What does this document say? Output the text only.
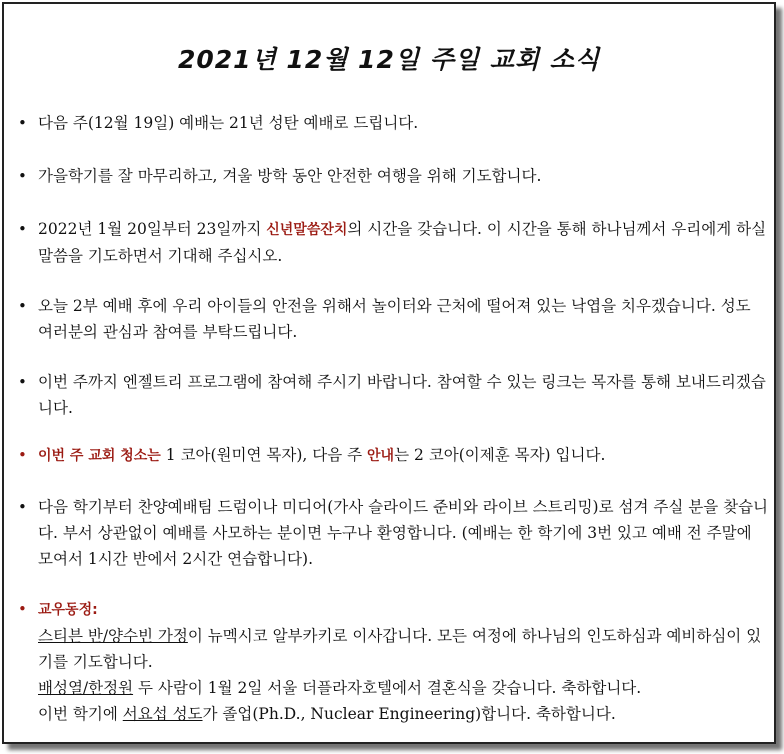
2021년 12월 12일 주일 교회 소식
• 다음 주(12월 19일) 예배는 21년 성탄 예배로 드립니다.
• 가을학기를 잘 마무리하고, 겨울 방학 동안 안전한 여행을 위해 기도합니다.
• 2022년 1월 20일부터 23일까지 신년말씀잔치의 시간을 갖습니다. 이 시간을 통해 하나님께서 우리에게 하실 말씀을 기도하면서 기대해 주십시오.
• 오늘 2부 예배 후에 우리 아이들의 안전을 위해서 놀이터와 근처에 떨어져 있는 낙엽을 치우겠습니다. 성도 여러분의 관심과 참여를 부탁드립니다.
• 이번 주까지 엔젤트리 프로그램에 참여해 주시기 바랍니다. 참여할 수 있는 링크는 목자를 통해 보내드리겠습니다.
• 이번 주 교회 청소는 1 코아(원미연 목자), 다음 주 안내는 2 코아(이제훈 목자) 입니다.
• 다음 학기부터 찬양예배팀 드럼이나 미디어(가사 슬라이드 준비와 라이브 스트리밍)로 섬겨 주실 분을 찾습니다. 부서 상관없이 예배를 사모하는 분이면 누구나 환영합니다. (예배는 한 학기에 3번 있고 예배 전 주말에 모여서 1시간 반에서 2시간 연습합니다).
• 교우동정:
스티븐 반/양수빈 가정이 뉴멕시코 알부카키로 이사갑니다. 모든 여정에 하나님의 인도하심과 예비하심이 있기를 기도합니다.
배성열/한정원 두 사람이 1월 2일 서울 더플라자호텔에서 결혼식을 갖습니다. 축하합니다.
이번 학기에 서요섭 성도가 졸업(Ph.D., Nuclear Engineering)합니다. 축하합니다.
